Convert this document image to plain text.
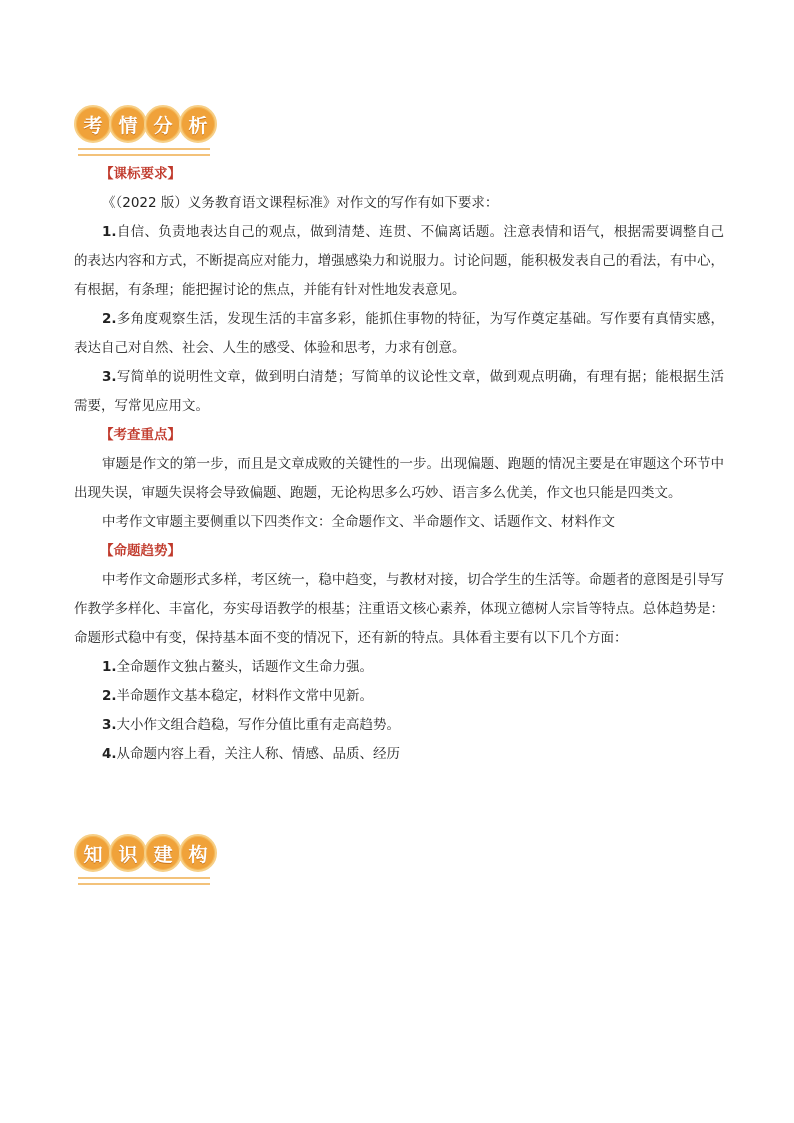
考 情 分 析
【课标要求】

《（2022 版）义务教育语文课程标准》对作文的写作有如下要求：

1.自信、负责地表达自己的观点，做到清楚、连贯、不偏离话题。注意表情和语气，根据需要调整自己的表达内容和方式，不断提高应对能力，增强感染力和说服力。讨论问题，能积极发表自己的看法，有中心，有根据，有条理；能把握讨论的焦点，并能有针对性地发表意见。

2.多角度观察生活，发现生活的丰富多彩，能抓住事物的特征，为写作奠定基础。写作要有真情实感，表达自己对自然、社会、人生的感受、体验和思考，力求有创意。

3.写简单的说明性文章，做到明白清楚；写简单的议论性文章，做到观点明确，有理有据；能根据生活需要，写常见应用文。

【考查重点】

审题是作文的第一步，而且是文章成败的关键性的一步。出现偏题、跑题的情况主要是在审题这个环节中出现失误，审题失误将会导致偏题、跑题，无论构思多么巧妙、语言多么优美，作文也只能是四类文。

中考作文审题主要侧重以下四类作文：全命题作文、半命题作文、话题作文、材料作文

【命题趋势】

中考作文命题形式多样，考区统一，稳中趋变，与教材对接，切合学生的生活等。命题者的意图是引导写作教学多样化、丰富化，夯实母语教学的根基；注重语文核心素养，体现立德树人宗旨等特点。总体趋势是：命题形式稳中有变，保持基本面不变的情况下，还有新的特点。具体看主要有以下几个方面：

1.全命题作文独占鳌头，话题作文生命力强。

2.半命题作文基本稳定，材料作文常中见新。

3.大小作文组合趋稳，写作分值比重有走高趋势。

4.从命题内容上看，关注人称、情感、品质、经历

知 识 建 构
